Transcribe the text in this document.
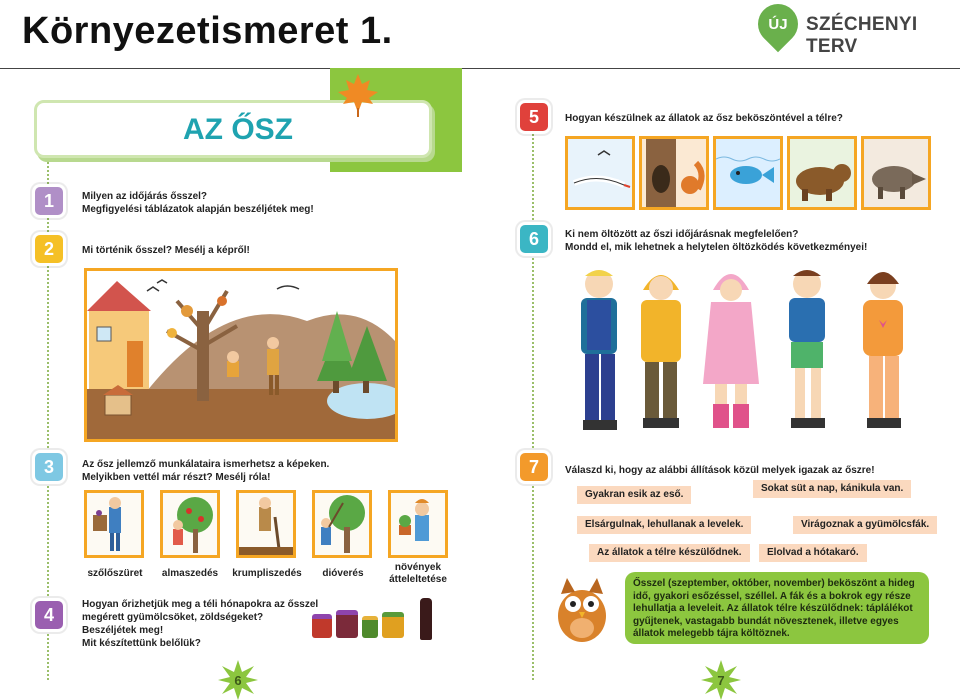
Környezetismeret 1.	ÚJ SZÉCHENYI TERV
AZ ŐSZ
1	Milyen az időjárás ősszel?
Megfigyelési táblázatok alapján beszéljétek meg!
2	Mi történik ősszel? Mesélj a képről!
3	Az ősz jellemző munkálataira ismerhetsz a képeken.
Melyikben vettél már részt? Mesélj róla!
szőlőszüret	almaszedés	krumpliszedés	dióverés
növények átteleltetése
4	Hogyan őrizhetjük meg a téli hónapokra az ősszel
megérett gyümölcsöket, zöldségeket?
Beszéljétek meg!
Mit készítettünk belőlük?
6
5	Hogyan készülnek az állatok az ősz beköszöntével a télre?
6	Ki nem öltözött az őszi időjárásnak megfelelően?
Mondd el, mik lehetnek a helytelen öltözködés következményei!
7	Válaszd ki, hogy az alábbi állítások közül melyek igazak az őszre!
Gyakran esik az eső.
Sokat süt a nap, kánikula van.
Elsárgulnak, lehullanak a levelek.	Virágoznak a gyümölcsfák.
Az állatok a télre készülődnek.	Elolvad a hótakaró.
Ősszel (szeptember, október, november) beköszönt a hideg idő, gyakori esőzéssel, széllel. A fák és a bokrok egy része lehullatja a leveleit. Az állatok télre készülődnek: táplálékot gyűjtenek, vastagabb bundát növesztenek, illetve egyes állatok melegebb tájra költöznek.
7
